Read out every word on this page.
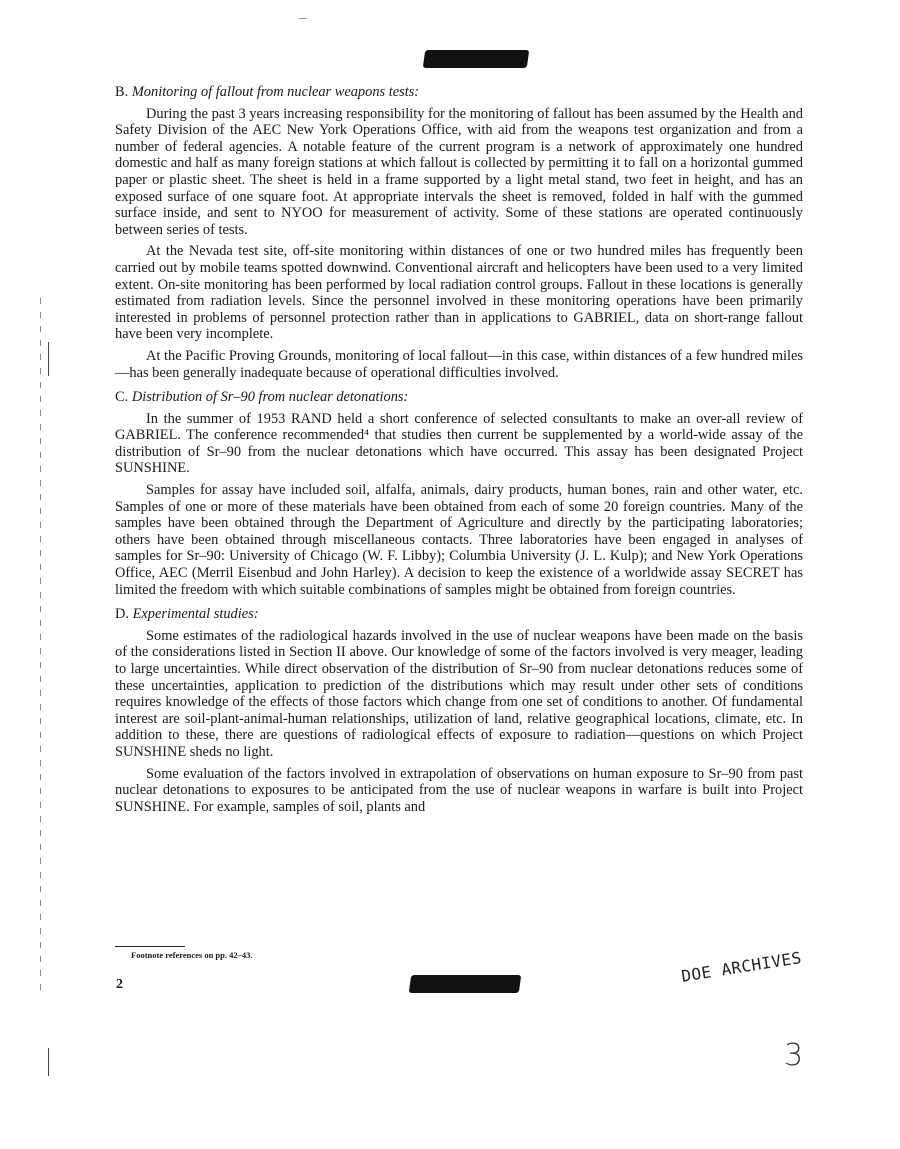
B. Monitoring of fallout from nuclear weapons tests:

During the past 3 years increasing responsibility for the monitoring of fallout has been assumed by the Health and Safety Division of the AEC New York Operations Office, with aid from the weapons test organization and from a number of federal agencies. A notable feature of the current program is a network of approximately one hundred domestic and half as many foreign stations at which fallout is collected by permitting it to fall on a horizontal gummed paper or plastic sheet. The sheet is held in a frame supported by a light metal stand, two feet in height, and has an exposed surface of one square foot. At appropriate intervals the sheet is removed, folded in half with the gummed surface inside, and sent to NYOO for measurement of activity. Some of these stations are operated continuously between series of tests.

At the Nevada test site, off-site monitoring within distances of one or two hundred miles has frequently been carried out by mobile teams spotted downwind. Conventional aircraft and helicopters have been used to a very limited extent. On-site monitoring has been performed by local radiation control groups. Fallout in these locations is generally estimated from radiation levels. Since the personnel involved in these monitoring operations have been primarily interested in problems of personnel protection rather than in applications to GABRIEL, data on short-range fallout have been very incomplete.

At the Pacific Proving Grounds, monitoring of local fallout—in this case, within distances of a few hundred miles—has been generally inadequate because of operational difficulties involved.

C. Distribution of Sr–90 from nuclear detonations:

In the summer of 1953 RAND held a short conference of selected consultants to make an over-all review of GABRIEL. The conference recommended⁴ that studies then current be supplemented by a world-wide assay of the distribution of Sr–90 from the nuclear detonations which have occurred. This assay has been designated Project SUNSHINE.

Samples for assay have included soil, alfalfa, animals, dairy products, human bones, rain and other water, etc. Samples of one or more of these materials have been obtained from each of some 20 foreign countries. Many of the samples have been obtained through the Department of Agriculture and directly by the participating laboratories; others have been obtained through miscellaneous contacts. Three laboratories have been engaged in analyses of samples for Sr–90: University of Chicago (W. F. Libby); Columbia University (J. L. Kulp); and New York Operations Office, AEC (Merril Eisenbud and John Harley). A decision to keep the existence of a worldwide assay SECRET has limited the freedom with which suitable combinations of samples might be obtained from foreign countries.

D. Experimental studies:

Some estimates of the radiological hazards involved in the use of nuclear weapons have been made on the basis of the considerations listed in Section II above. Our knowledge of some of the factors involved is very meager, leading to large uncertainties. While direct observation of the distribution of Sr–90 from nuclear detonations reduces some of these uncertainties, application to prediction of the distributions which may result under other sets of conditions requires knowledge of the effects of those factors which change from one set of conditions to another. Of fundamental interest are soil-plant-animal-human relationships, utilization of land, relative geographical locations, climate, etc. In addition to these, there are questions of radiological effects of exposure to radiation—questions on which Project SUNSHINE sheds no light.

Some evaluation of the factors involved in extrapolation of observations on human exposure to Sr–90 from past nuclear detonations to exposures to be anticipated from the use of nuclear weapons in warfare is built into Project SUNSHINE. For example, samples of soil, plants and

Footnote references on pp. 42–43.
2	DOE ARCHIVES
3
